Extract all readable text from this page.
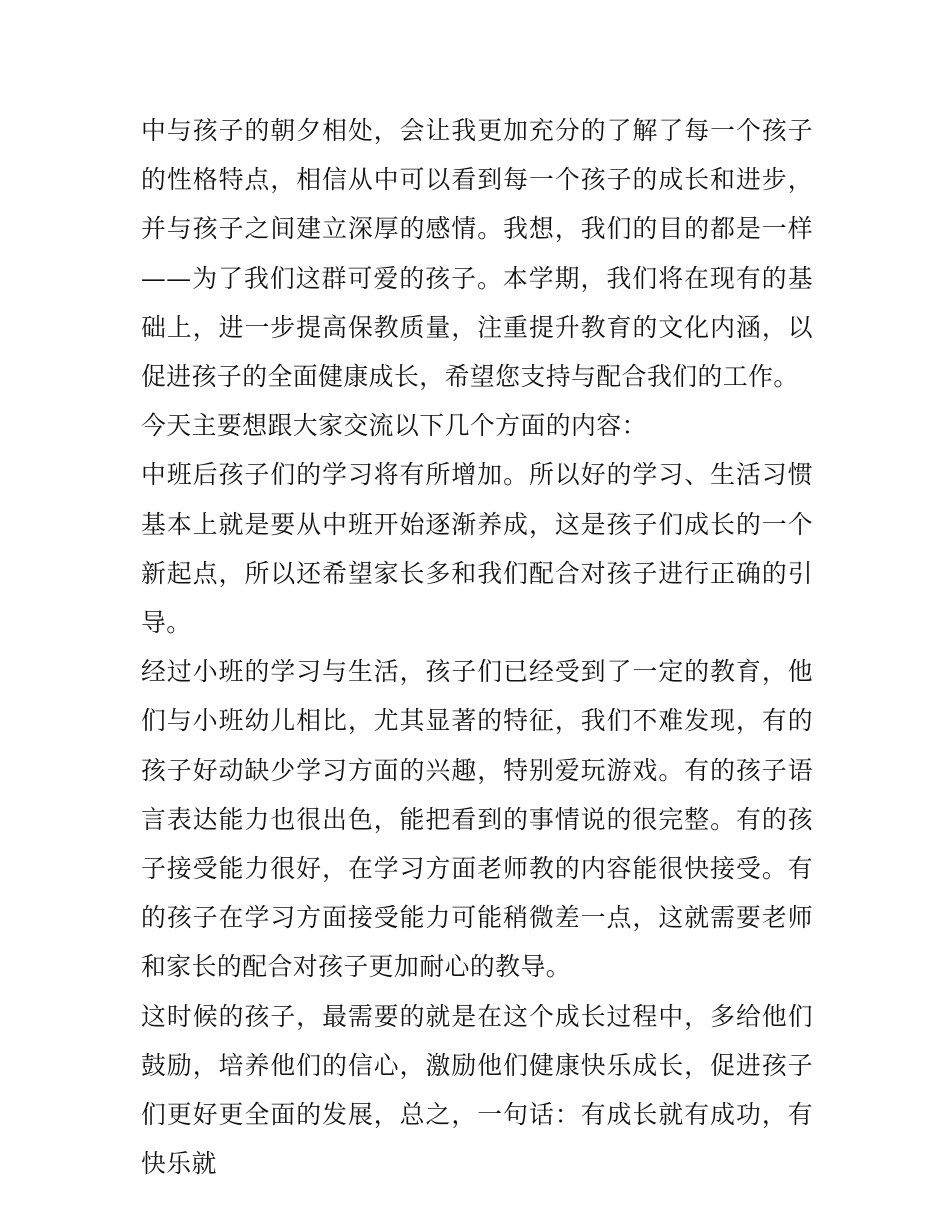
中与孩子的朝夕相处，会让我更加充分的了解了每一个孩子的性格特点，相信从中可以看到每一个孩子的成长和进步，并与孩子之间建立深厚的感情。我想，我们的目的都是一样——为了我们这群可爱的孩子。本学期，我们将在现有的基础上，进一步提高保教质量，注重提升教育的文化内涵，以促进孩子的全面健康成长，希望您支持与配合我们的工作。

今天主要想跟大家交流以下几个方面的内容：

中班后孩子们的学习将有所增加。所以好的学习、生活习惯基本上就是要从中班开始逐渐养成，这是孩子们成长的一个新起点，所以还希望家长多和我们配合对孩子进行正确的引导。

经过小班的学习与生活，孩子们已经受到了一定的教育，他们与小班幼儿相比，尤其显著的特征，我们不难发现，有的孩子好动缺少学习方面的兴趣，特别爱玩游戏。有的孩子语言表达能力也很出色，能把看到的事情说的很完整。有的孩子接受能力很好，在学习方面老师教的内容能很快接受。有的孩子在学习方面接受能力可能稍微差一点，这就需要老师和家长的配合对孩子更加耐心的教导。

这时候的孩子，最需要的就是在这个成长过程中，多给他们鼓励，培养他们的信心，激励他们健康快乐成长，促进孩子们更好更全面的发展，总之，一句话：有成长就有成功，有快乐就
